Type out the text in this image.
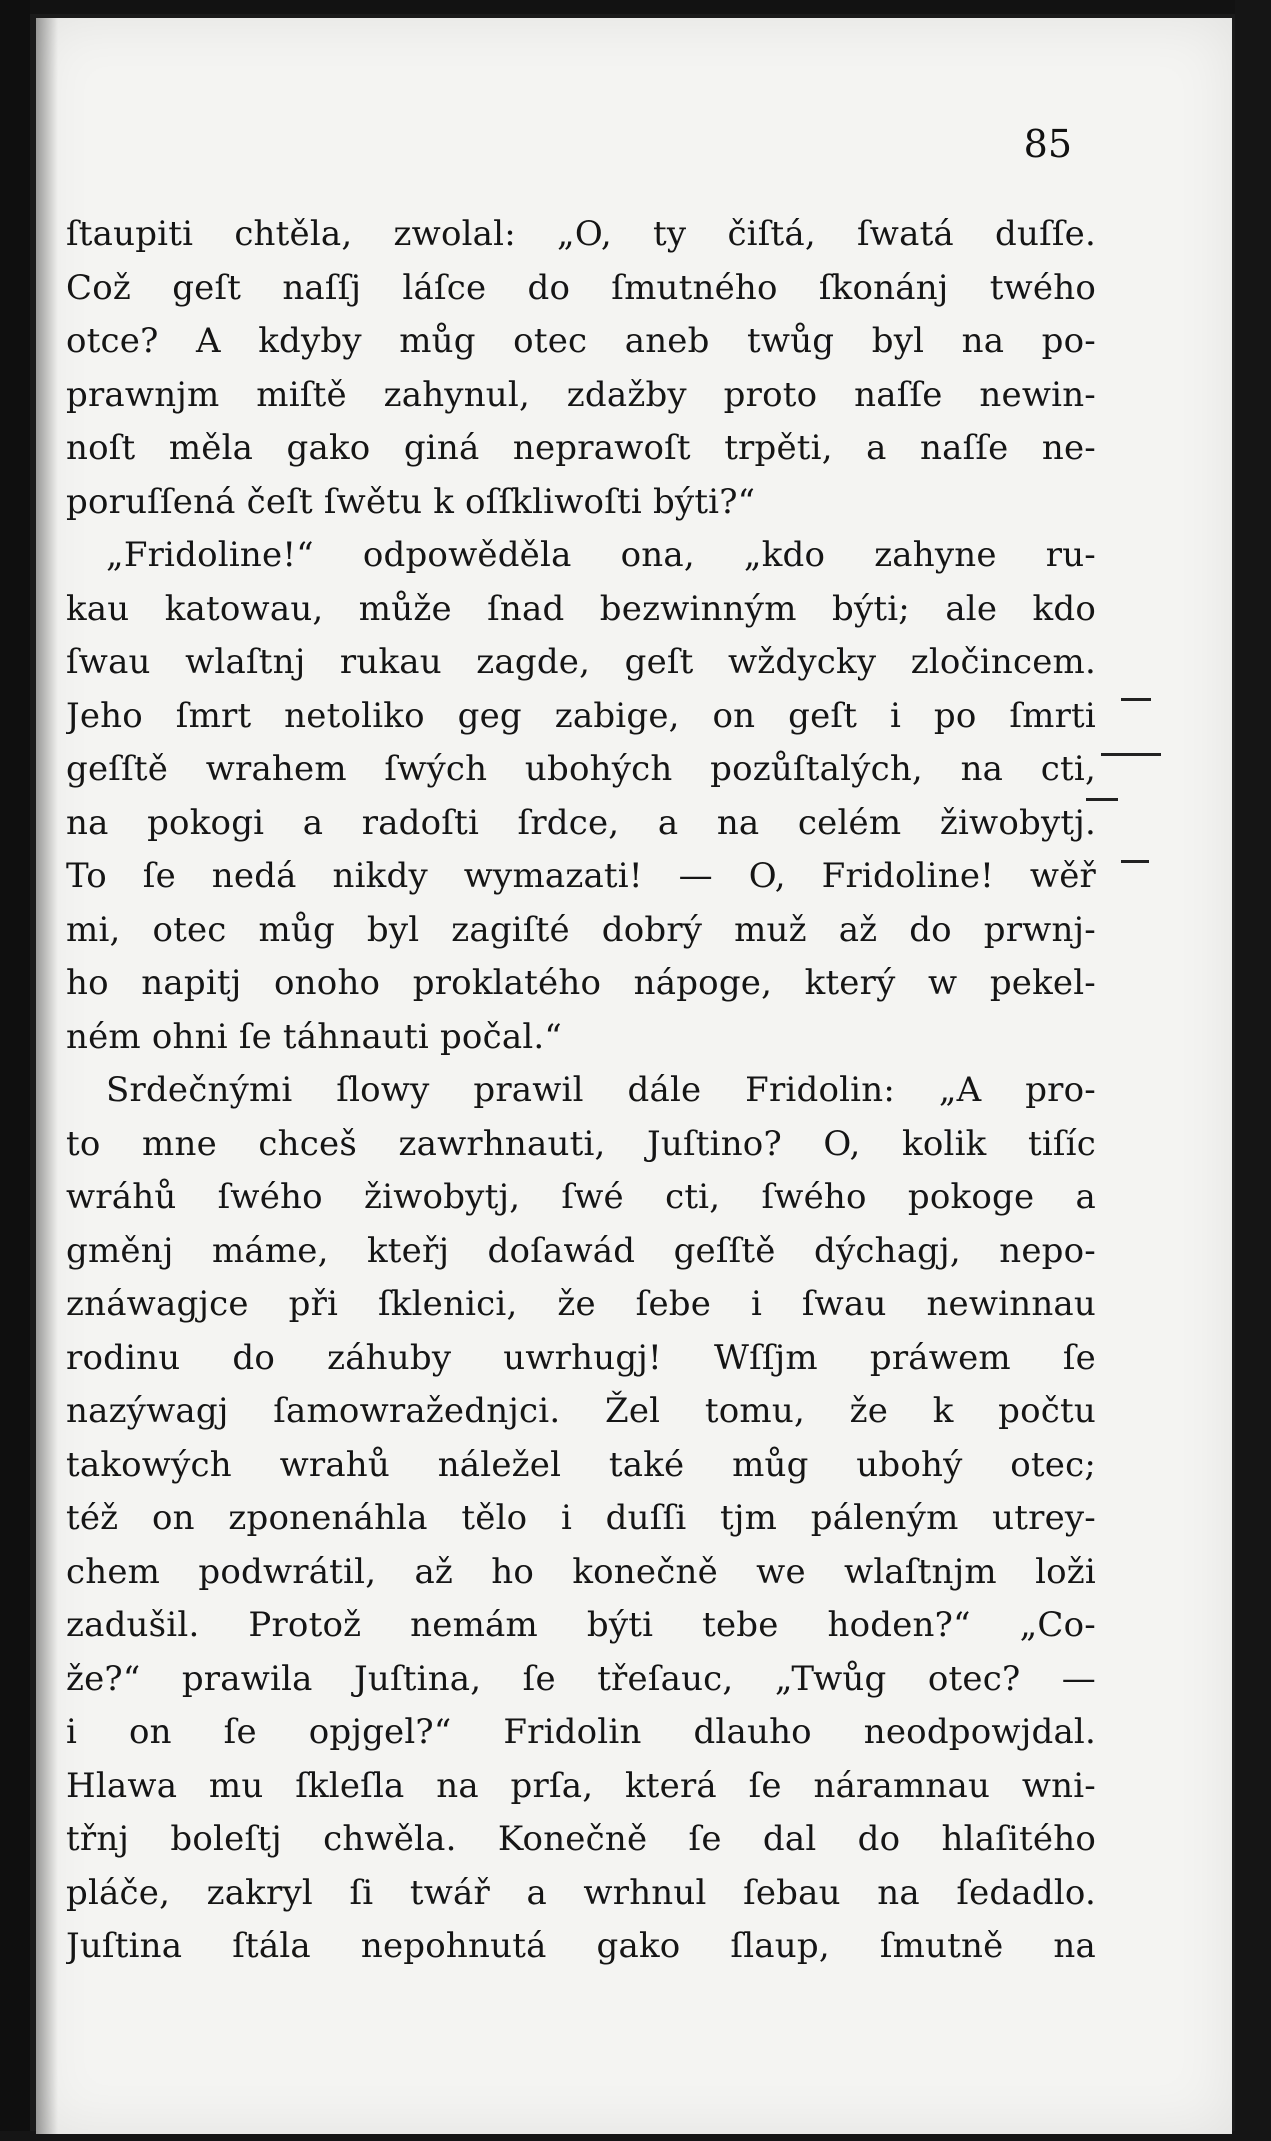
85
ſtaupiti chtěla, zwolal: „O, ty čiſtá, ſwatá duſſe.
Což geſt naſſj láſce do ſmutného ſkonánj twého
otce? A kdyby můg otec aneb twůg byl na po-
prawnjm miſtě zahynul, zdažby proto naſſe newin-
noſt měla gako giná neprawoſt trpěti, a naſſe ne-
poruſſená čeſt ſwětu k oſſkliwoſti býti?“
„Fridoline!“ odpowěděla ona, „kdo zahyne ru-
kau katowau, může ſnad bezwinným býti; ale kdo
ſwau wlaſtnj rukau zagde, geſt wždycky zločincem.
Jeho ſmrt netoliko geg zabige, on geſt i po ſmrti
geſſtě wrahem ſwých ubohých pozůſtalých, na cti,
na pokogi a radoſti ſrdce, a na celém žiwobytj.
To ſe nedá nikdy wymazati! — O, Fridoline! wěř
mi, otec můg byl zagiſté dobrý muž až do prwnj-
ho napitj onoho proklatého nápoge, který w pekel-
ném ohni ſe táhnauti počal.“
Srdečnými ſlowy prawil dále Fridolin: „A pro-
to mne chceš zawrhnauti, Juſtino? O, kolik tiſíc
wráhů ſwého žiwobytj, ſwé cti, ſwého pokoge a
gměnj máme, kteřj doſawád geſſtě dýchagj, nepo-
znáwagjce při ſklenici, že ſebe i ſwau newinnau
rodinu do záhuby uwrhugj! Wſſjm práwem ſe
nazýwagj ſamowražednjci. Žel tomu, že k počtu
takowých wrahů náležel také můg ubohý otec;
též on zponenáhla tělo i duſſi tjm páleným utrey-
chem podwrátil, až ho konečně we wlaſtnjm loži
zadušil. Protož nemám býti tebe hoden?“ „Co-
že?“ prawila Juſtina, ſe třeſauc, „Twůg otec? —
i on ſe opjgel?“ Fridolin dlauho neodpowjdal.
Hlawa mu ſkleſla na prſa, která ſe náramnau wni-
třnj boleſtj chwěla. Konečně ſe dal do hlaſitého
pláče, zakryl ſi twář a wrhnul ſebau na ſedadlo.
Juſtina ſtála nepohnutá gako ſlaup, ſmutně na
